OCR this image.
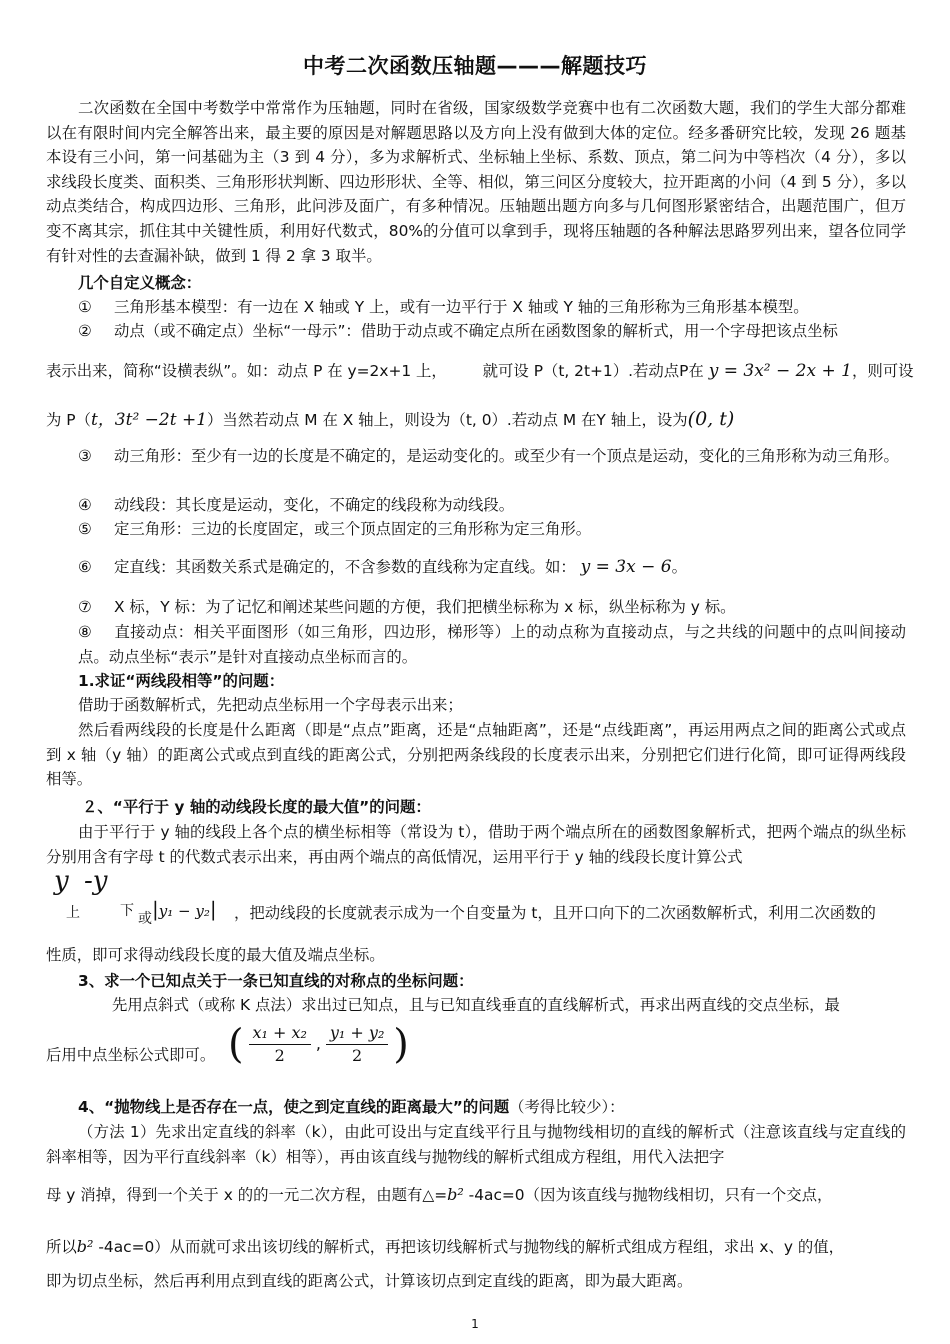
中考二次函数压轴题———解题技巧
二次函数在全国中考数学中常常作为压轴题，同时在省级，国家级数学竞赛中也有二次函数大题，我们的学生大部分都难以在有限时间内完全解答出来，最主要的原因是对解题思路以及方向上没有做到大体的定位。经多番研究比较，发现 26 题基本设有三小问，第一问基础为主（3 到 4 分），多为求解析式、坐标轴上坐标、系数、顶点，第二问为中等档次（4 分），多以求线段长度类、面积类、三角形形状判断、四边形形状、全等、相似，第三问区分度较大，拉开距离的小问（4 到 5 分），多以动点类结合，构成四边形、三角形，此问涉及面广，有多种情况。压轴题出题方向多与几何图形紧密结合，出题范围广，但万变不离其宗，抓住其中关键性质，利用好代数式，80%的分值可以拿到手，现将压轴题的各种解法思路罗列出来，望各位同学有针对性的去查漏补缺，做到 1 得 2 拿 3 取半。
几个自定义概念：
① 三角形基本模型：有一边在 X 轴或 Y 上，或有一边平行于 X 轴或 Y 轴的三角形称为三角形基本模型。
② 动点（或不确定点）坐标“一母示”：借助于动点或不确定点所在函数图象的解析式，用一个字母把该点坐标
表示出来，简称“设横表纵”。如：动点 P 在 y=2x+1 上， 就可设 P（t, 2t+1）.若动点P在 y = 3x² − 2x + 1，则可设
为 P（t，3t² −2t +1）当然若动点 M 在 X 轴上，则设为（t, 0）.若动点 M 在Y 轴上，设为(0, t)
③ 动三角形：至少有一边的长度是不确定的，是运动变化的。或至少有一个顶点是运动，变化的三角形称为动三角形。
④ 动线段：其长度是运动，变化，不确定的线段称为动线段。
⑤ 定三角形：三边的长度固定，或三个顶点固定的三角形称为定三角形。
⑥ 定直线：其函数关系式是确定的，不含参数的直线称为定直线。如： y = 3x − 6。
⑦ X 标，Y 标：为了记忆和阐述某些问题的方便，我们把横坐标称为 x 标，纵坐标称为 y 标。
⑧ 直接动点：相关平面图形（如三角形，四边形，梯形等）上的动点称为直接动点，与之共线的问题中的点叫间接动点。动点坐标“表示”是针对直接动点坐标而言的。
1.求证“两线段相等”的问题：
借助于函数解析式，先把动点坐标用一个字母表示出来；
然后看两线段的长度是什么距离（即是“点点”距离，还是“点轴距离”，还是“点线距离”，再运用两点之间的距离公式或点到 x 轴（y 轴）的距离公式或点到直线的距离公式，分别把两条线段的长度表示出来，分别把它们进行化简，即可证得两线段相等。
２、“平行于 y 轴的动线段长度的最大值”的问题：
由于平行于 y 轴的线段上各个点的横坐标相等（常设为 t），借助于两个端点所在的函数图象解析式，把两个端点的纵坐标分别用含有字母 t 的代数式表示出来，再由两个端点的高低情况，运用平行于 y 轴的线段长度计算公式
y -y
上	下 或 |y₁ − y₂| ，把动线段的长度就表示成为一个自变量为 t，且开口向下的二次函数解析式，利用二次函数的
性质，即可求得动线段长度的最大值及端点坐标。
3、求一个已知点关于一条已知直线的对称点的坐标问题：
先用点斜式（或称 K 点法）求出过已知点，且与已知直线垂直的直线解析式，再求出两直线的交点坐标，最
后用中点坐标公式即可。 ( $\frac{\text{x₁ + x₂}}{2}$ , $\frac{\text{y₁ + y₂}}{2}$ )
4、“抛物线上是否存在一点，使之到定直线的距离最大”的问题（考得比较少）：
（方法 1）先求出定直线的斜率（k），由此可设出与定直线平行且与抛物线相切的直线的解析式（注意该直线与定直线的斜率相等，因为平行直线斜率（k）相等），再由该直线与抛物线的解析式组成方程组，用代入法把字
母 y 消掉，得到一个关于 x 的的一元二次方程，由题有△=b² -4ac=0（因为该直线与抛物线相切，只有一个交点，
所以b² -4ac=0）从而就可求出该切线的解析式，再把该切线解析式与抛物线的解析式组成方程组，求出 x、y 的值，
即为切点坐标，然后再利用点到直线的距离公式，计算该切点到定直线的距离，即为最大距离。
1
